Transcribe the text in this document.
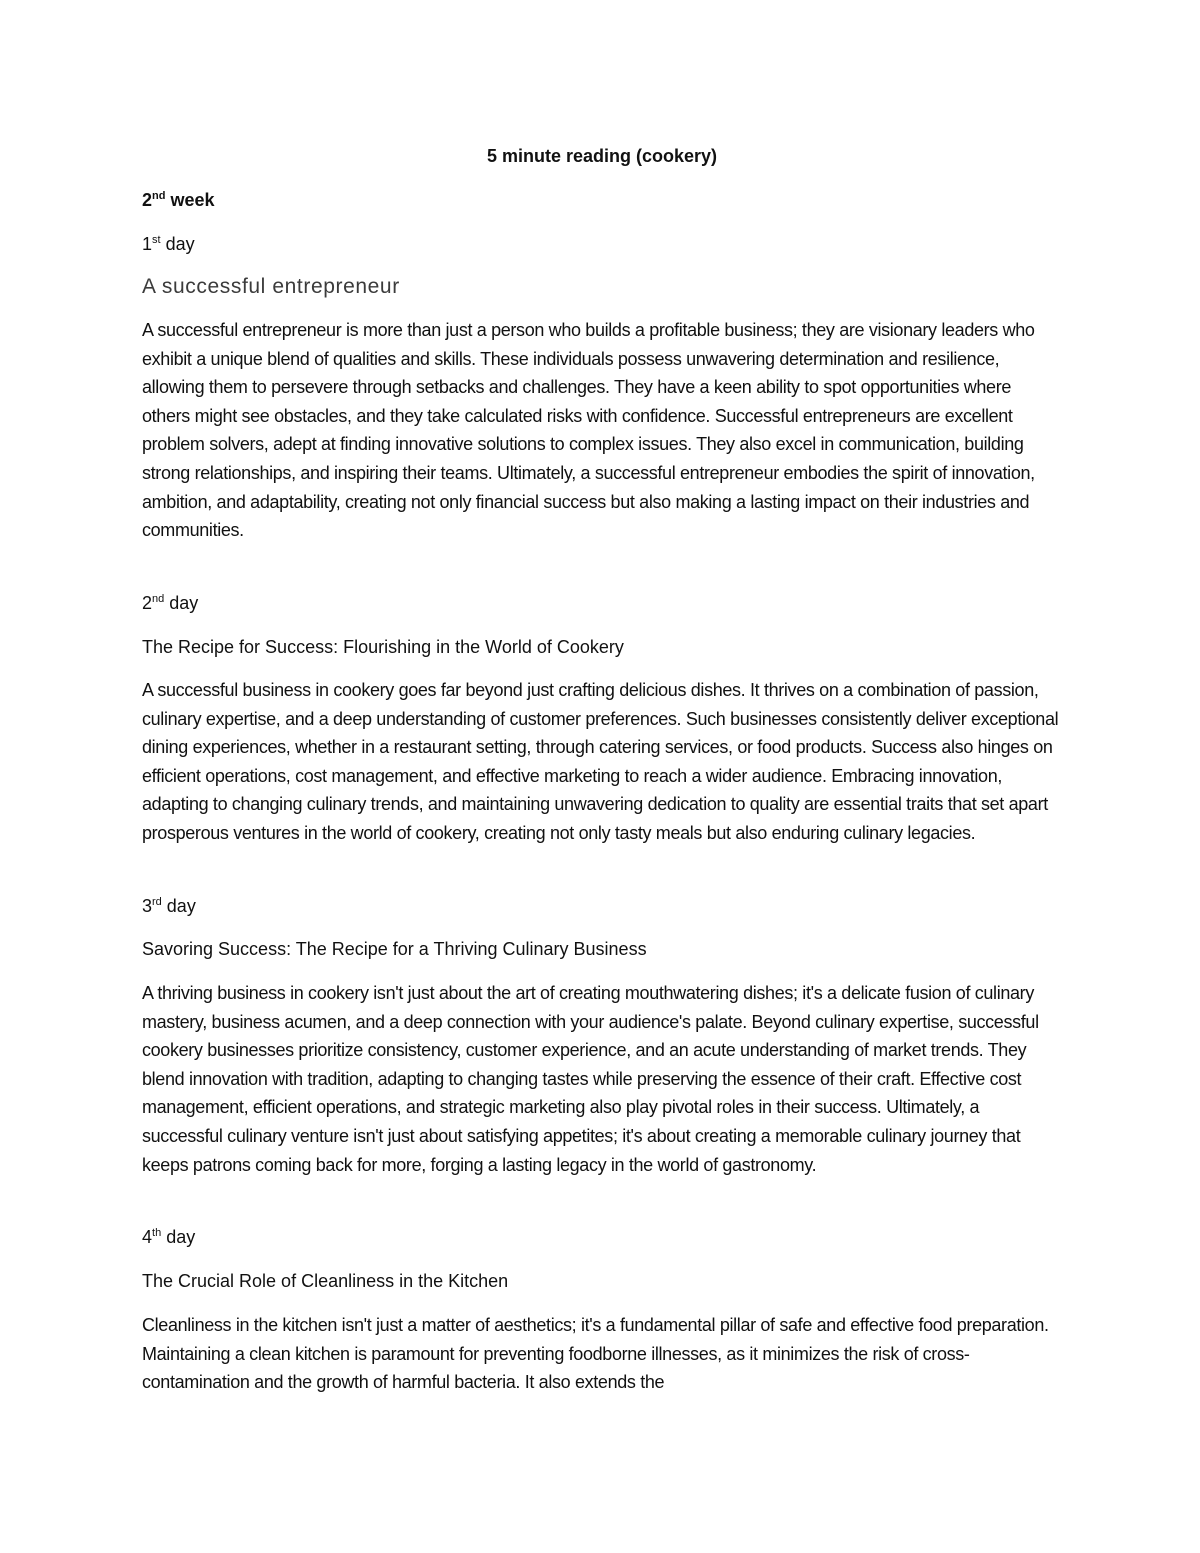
5 minute reading (cookery)

2nd week

1st day

A successful entrepreneur

A successful entrepreneur is more than just a person who builds a profitable business; they are visionary leaders who exhibit a unique blend of qualities and skills. These individuals possess unwavering determination and resilience, allowing them to persevere through setbacks and challenges. They have a keen ability to spot opportunities where others might see obstacles, and they take calculated risks with confidence. Successful entrepreneurs are excellent problem solvers, adept at finding innovative solutions to complex issues. They also excel in communication, building strong relationships, and inspiring their teams. Ultimately, a successful entrepreneur embodies the spirit of innovation, ambition, and adaptability, creating not only financial success but also making a lasting impact on their industries and communities.

2nd day

The Recipe for Success: Flourishing in the World of Cookery

A successful business in cookery goes far beyond just crafting delicious dishes. It thrives on a combination of passion, culinary expertise, and a deep understanding of customer preferences. Such businesses consistently deliver exceptional dining experiences, whether in a restaurant setting, through catering services, or food products. Success also hinges on efficient operations, cost management, and effective marketing to reach a wider audience. Embracing innovation, adapting to changing culinary trends, and maintaining unwavering dedication to quality are essential traits that set apart prosperous ventures in the world of cookery, creating not only tasty meals but also enduring culinary legacies.

3rd day

Savoring Success: The Recipe for a Thriving Culinary Business

A thriving business in cookery isn't just about the art of creating mouthwatering dishes; it's a delicate fusion of culinary mastery, business acumen, and a deep connection with your audience's palate. Beyond culinary expertise, successful cookery businesses prioritize consistency, customer experience, and an acute understanding of market trends. They blend innovation with tradition, adapting to changing tastes while preserving the essence of their craft. Effective cost management, efficient operations, and strategic marketing also play pivotal roles in their success. Ultimately, a successful culinary venture isn't just about satisfying appetites; it's about creating a memorable culinary journey that keeps patrons coming back for more, forging a lasting legacy in the world of gastronomy.

4th day

The Crucial Role of Cleanliness in the Kitchen

Cleanliness in the kitchen isn't just a matter of aesthetics; it's a fundamental pillar of safe and effective food preparation. Maintaining a clean kitchen is paramount for preventing foodborne illnesses, as it minimizes the risk of cross-contamination and the growth of harmful bacteria. It also extends the
